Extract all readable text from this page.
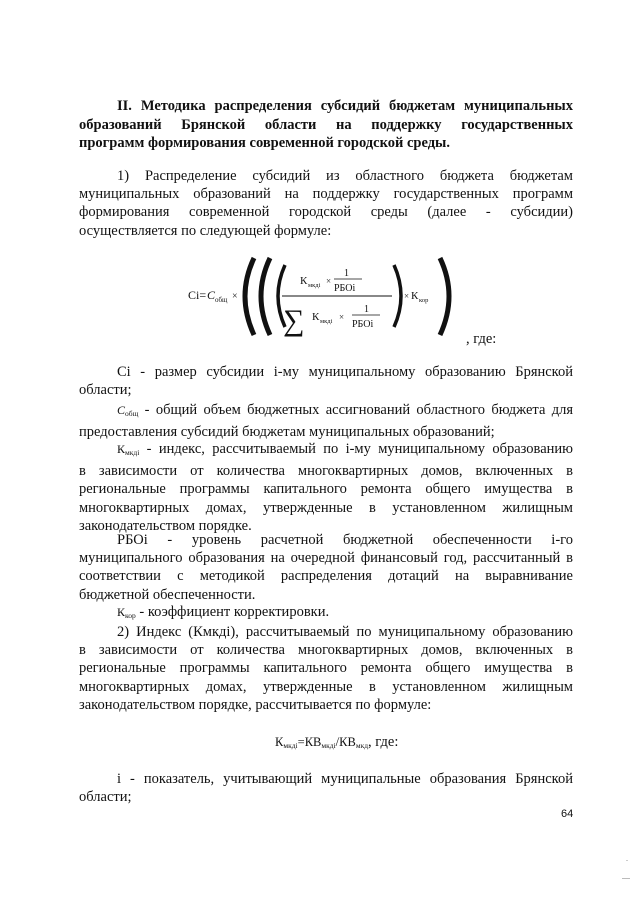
II. Методика распределения субсидий бюджетам муниципальных
образований Брянской области на поддержку государственных
программ формирования современной городской среды.
1) Распределение субсидий из областного бюджета бюджетам
муниципальных образований на поддержку государственных программ
формирования современной городской среды (далее - субсидии)
осуществляется по следующей формуле:
Ci= С общ ×
К мкдi ×
1
РБОi
∑ К мкдi ×
1
РБОi
× К кор
, где:
Ci - размер субсидии i-му муниципальному образованию Брянской
области;
$С_{общ}$ - общий объем бюджетных ассигнований областного бюджета для
предоставления субсидий бюджетам муниципальных образований;
$К_{мкдi}$ - индекс, рассчитываемый по i-му муниципальному образованию
в зависимости от количества многоквартирных домов, включенных в
региональные программы капитального ремонта общего имущества в
многоквартирных домах, утвержденные в установленном жилищным
законодательством порядке.
РБОi - уровень расчетной бюджетной обеспеченности i-го
муниципального образования на очередной финансовый год, рассчитанный в
соответствии с методикой распределения дотаций на выравнивание
бюджетной обеспеченности.
$К_{кор}$ - коэффициент корректировки.
2) Индекс (Кмкдi), рассчитываемый по муниципальному образованию
в зависимости от количества многоквартирных домов, включенных в
региональные программы капитального ремонта общего имущества в
многоквартирных домах, утвержденные в установленном жилищным
законодательством порядке, рассчитывается по формуле:
$К_{мкдi}=КВ_{мкдi}/КВ_{мкд}$, где:
i - показатель, учитывающий муниципальные образования Брянской
области;
64
